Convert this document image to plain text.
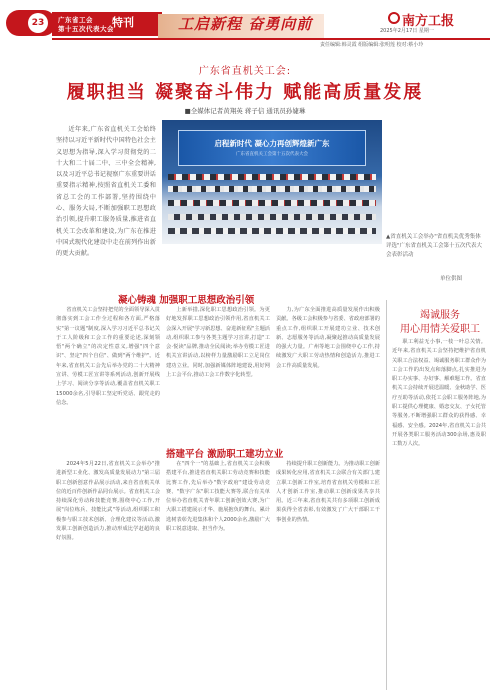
23	广东省工会
第十五次代表大会
特刊	工启新程 奋勇向前	南方工报
2025年2月17日 星期一
责任编辑:韩灵霞 组版编辑:张明莲 校对:蔡小玲
广东省直机关工会:
履职担当 凝聚奋斗伟力 赋能高质量发展
■全媒体记者黄翔英 蒋子信 通讯员孙婕琳

近年来,广东省直机关工会始终坚持以习近平新时代中国特色社会主义思想为指导,深入学习贯彻党的二十大和二十届二中、三中全会精神,以及习近平总书记视察广东重要讲话重要指示精神,按照省直机关工委和省总工会的工作部署,坚持围绕中心、服务大局,不断加强职工思想政治引领,提升职工服务质量,推进省直机关工会改革和建设,为广东在推进中国式现代化建设中走在前列作出新的更大贡献。

启程新时代 凝心力再创辉煌新广东
广东省直机关工会第十五次代表大会
▲省直机关工会举办"省直机关优秀集体评选"广东省直机关工会第十五次代表大会表彰活动
单位供图
凝心铸魂 加强职工思想政治引领

省直机关工会坚持把党的全面领导深入贯彻落实到工会工作全过程和各方面,严格落实"第一议题"制度,深入学习习近平总书记关于工人阶级和工会工作的重要论述,深刻领悟"两个确立"的决定性意义,增强"四个意识"、坚定"四个自信"、做到"两个维护"。近年来,省直机关工会先后举办党的二十大精神宣讲、劳模工匠宣讲等系列活动,创新开展线上学习、阅读分享等活动,覆盖省直机关职工15000余名,引导职工坚定听党话、跟党走的信念。

上新举措,深化职工思想政治引领。为更好地发挥职工思想政治引领作用,省直机关工会深入开展"学习新思想、奋进新征程"主题活动,组织职工参与各类主题学习宣讲,打造"工会·悦读"品牌,推动全民阅读;举办劳模工匠进机关宣讲活动,以榜样力量激励职工立足岗位建功立业。同时,加强新媒体阵地建设,用好网上工会平台,推动工会工作数字化转型。

力,为广东全面推进高质量发展作出积极贡献。各级工会积极参与省委、省政府部署的重点工作,组织职工开展建功立业、技术创新、志愿服务等活动,凝聚起推动高质量发展的强大力量。广州等地工会围绕中心工作,持续激发广大职工劳动热情和创造活力,推进工会工作高质量发展。

搭建平台 激励职工建功立业

2024年5月22日,省直机关工会举办"推进新型工业化、激发高质量发展动力"第三届职工创新创意作品展示活动,来自省直机关单位的近百件创新作品同台展示。省直机关工会持续深化劳动和技能竞赛,围绕中心工作,开展"岗位练兵、技能比武"等活动,组织职工积极参与职工技术创新、合理化建议等活动,激发职工创新创造活力,推动形成比学赶超的良好氛围。

在"四个一"的基础上,省直机关工会积极搭建平台,推进省直机关职工劳动竞赛和技能比赛工作,先后举办"数字政府"建设劳动竞赛、"数字广东"职工技能大赛等,联合有关单位举办省直机关青年职工创新创效大赛,为广大职工搭建展示才华、施展抱负的舞台。累计选树表彰先进集体和个人2000余名,激励广大职工锐意进取、担当作为。

持续提升职工创新能力。为推动职工创新成果转化应用,省直机关工会联合有关部门,建立职工创新工作室,培育省直机关劳模和工匠人才创新工作室,推动职工创新成果共享共用。近三年来,省直机关共有多项职工创新成果获得全省表彰,有效激发了广大干部职工干事创业的热情。

竭诚服务
用心用情关爱职工

职工利益无小事,一枝一叶总关情。近年来,省直机关工会坚持把维护省直机关职工合法权益、竭诚服务职工群众作为工会工作的出发点和落脚点,扎实推进为职工办实事、办好事、解难题工作。省直机关工会持续开展送温暖、金秋助学、医疗互助等活动,依托工会职工服务阵地,为职工提供心理健康、婚恋交友、子女托管等服务,不断增强职工群众的获得感、幸福感、安全感。2024年,省直机关工会共开展各类职工服务活动300余场,惠及职工数万人次。
